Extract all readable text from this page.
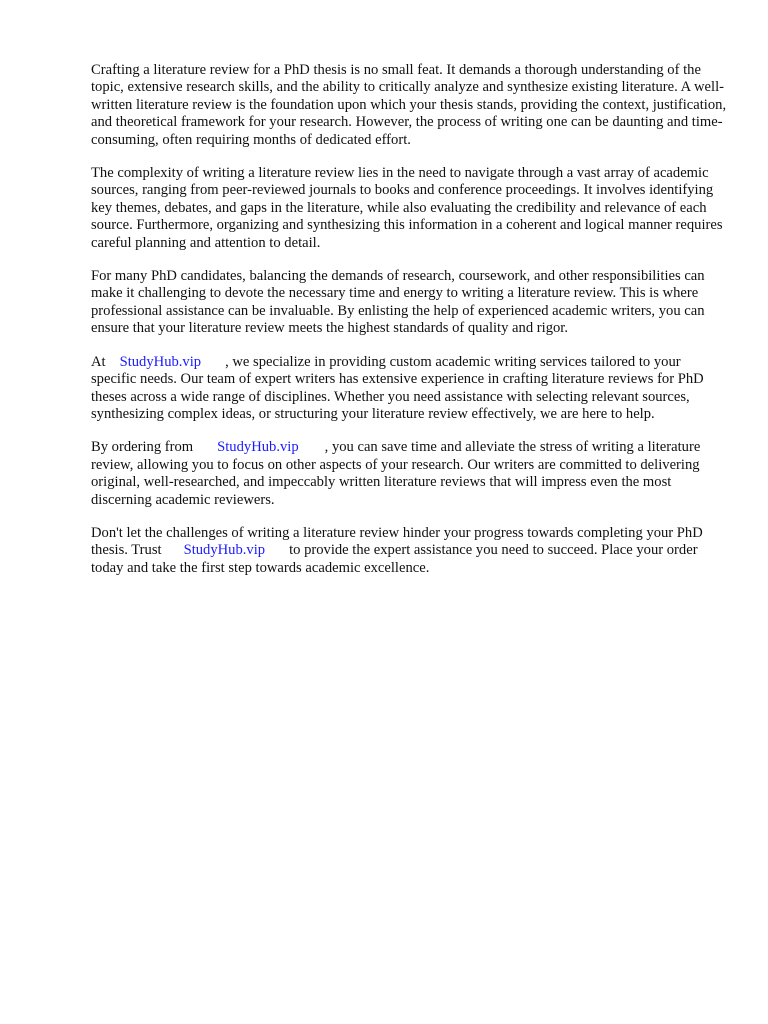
Crafting a literature review for a PhD thesis is no small feat. It demands a thorough understanding of the topic, extensive research skills, and the ability to critically analyze and synthesize existing literature. A well-written literature review is the foundation upon which your thesis stands, providing the context, justification, and theoretical framework for your research. However, the process of writing one can be daunting and time-consuming, often requiring months of dedicated effort.

The complexity of writing a literature review lies in the need to navigate through a vast array of academic sources, ranging from peer-reviewed journals to books and conference proceedings. It involves identifying key themes, debates, and gaps in the literature, while also evaluating the credibility and relevance of each source. Furthermore, organizing and synthesizing this information in a coherent and logical manner requires careful planning and attention to detail.

For many PhD candidates, balancing the demands of research, coursework, and other responsibilities can make it challenging to devote the necessary time and energy to writing a literature review. This is where professional assistance can be invaluable. By enlisting the help of experienced academic writers, you can ensure that your literature review meets the highest standards of quality and rigor.

At StudyHub.vip , we specialize in providing custom academic writing services tailored to your specific needs. Our team of expert writers has extensive experience in crafting literature reviews for PhD theses across a wide range of disciplines. Whether you need assistance with selecting relevant sources, synthesizing complex ideas, or structuring your literature review effectively, we are here to help.

By ordering from StudyHub.vip , you can save time and alleviate the stress of writing a literature review, allowing you to focus on other aspects of your research. Our writers are committed to delivering original, well-researched, and impeccably written literature reviews that will impress even the most discerning academic reviewers.

Don't let the challenges of writing a literature review hinder your progress towards completing your PhD thesis. Trust StudyHub.vip to provide the expert assistance you need to succeed. Place your order today and take the first step towards academic excellence.
